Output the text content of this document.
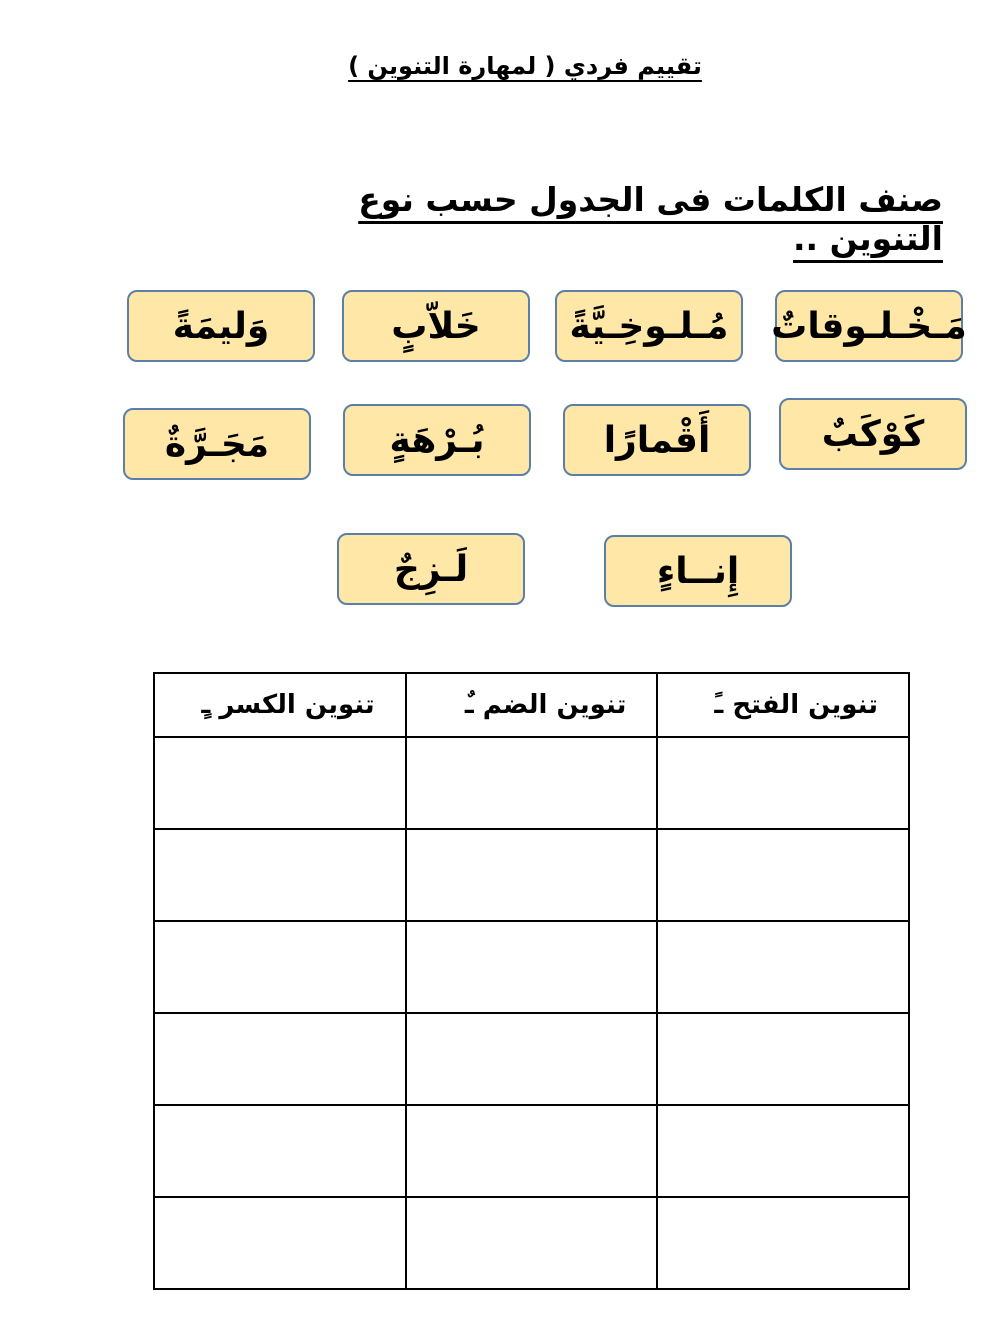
تقييم فردي ( لمهارة التنوين )
صنف الكلمات فى الجدول حسب نوع التنوين ..
مَـخْـلـوقاتٌ
مُـلـوخِـيَّةً
خَلاّبٍ
وَليمَةً
كَوْكَبٌ
أَقْمارًا
بُـرْهَةٍ
مَجَـرَّةٌ
إِنــاءٍ
لَـزِجٌ
تنوين الفتح ـً	تنوين الضم ـٌ	تنوين الكسر ـٍ
